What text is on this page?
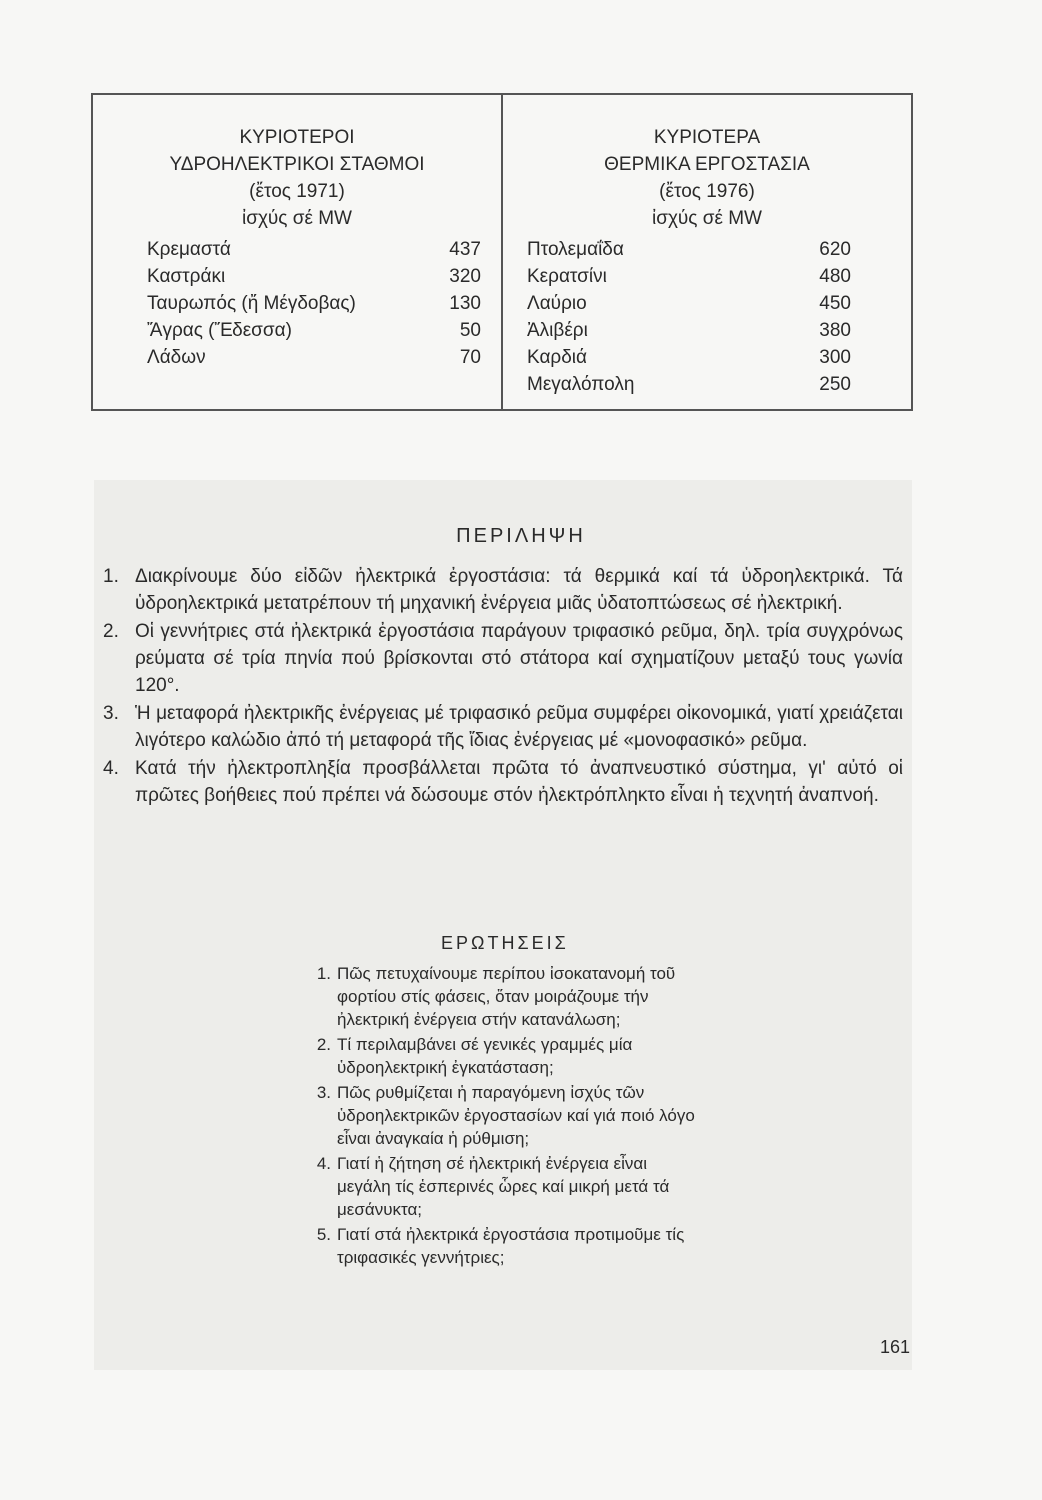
ΚΥΡΙΟΤΕΡΟΙ
ΥΔΡΟΗΛΕΚΤΡΙΚΟΙ ΣΤΑΘΜΟΙ
(ἔτος 1971)
ἰσχύς σέ MW
Κρεμαστά	437
Καστράκι	320
Ταυρωπός (ἤ Μέγδοβας)	130
Ἄγρας (Ἔδεσσα)	50
Λάδων	70
ΚΥΡΙΟΤΕΡΑ
ΘΕΡΜΙΚΑ ΕΡΓΟΣΤΑΣΙΑ
(ἔτος 1976)
ἰσχύς σέ MW
Πτολεμαΐδα	620
Κερατσίνι	480
Λαύριο	450
Ἀλιβέρι	380
Καρδιά	300
Μεγαλόπολη	250
ΠΕΡΙΛΗΨΗ
1. Διακρίνουμε δύο εἰδῶν ἠλεκτρικά ἐργοστάσια: τά θερμικά καί τά ὑδροηλεκτρικά. Τά ὑδροηλεκτρικά μετατρέπουν τή μηχανική ἐνέργεια μιᾶς ὑδατοπτώσεως σέ ἠλεκτρική.
2. Οἱ γεννήτριες στά ἠλεκτρικά ἐργοστάσια παράγουν τριφασικό ρεῦμα, δηλ. τρία συγχρόνως ρεύματα σέ τρία πηνία πού βρίσκονται στό στάτορα καί σχηματίζουν μεταξύ τους γωνία 120°.
3. Ἡ μεταφορά ἠλεκτρικῆς ἐνέργειας μέ τριφασικό ρεῦμα συμφέρει οἰκονομικά, γιατί χρειάζεται λιγότερο καλώδιο ἀπό τή μεταφορά τῆς ἴδιας ἐνέργειας μέ «μονοφασικό» ρεῦμα.
4. Κατά τήν ἠλεκτροπληξία προσβάλλεται πρῶτα τό ἀναπνευστικό σύστημα, γι' αὐτό οἱ πρῶτες βοήθειες πού πρέπει νά δώσουμε στόν ἠλεκτρόπληκτο εἶναι ἡ τεχνητή ἀναπνοή.
ΕΡΩΤΗΣΕΙΣ
1. Πῶς πετυχαίνουμε περίπου ἰσοκατανομή τοῦ φορτίου στίς φάσεις, ὅταν μοιράζουμε τήν ἠλεκτρική ἐνέργεια στήν κατανάλωση;
2. Τί περιλαμβάνει σέ γενικές γραμμές μία ὑδροηλεκτρική ἐγκατάσταση;
3. Πῶς ρυθμίζεται ἡ παραγόμενη ἰσχύς τῶν ὑδροηλεκτρικῶν ἐργοστασίων καί γιά ποιό λόγο εἶναι ἀναγκαία ἡ ρύθμιση;
4. Γιατί ἡ ζήτηση σέ ἠλεκτρική ἐνέργεια εἶναι μεγάλη τίς ἑσπερινές ὧρες καί μικρή μετά τά μεσάνυκτα;
5. Γιατί στά ἠλεκτρικά ἐργοστάσια προτιμοῦμε τίς τριφασικές γεννήτριες;
161
